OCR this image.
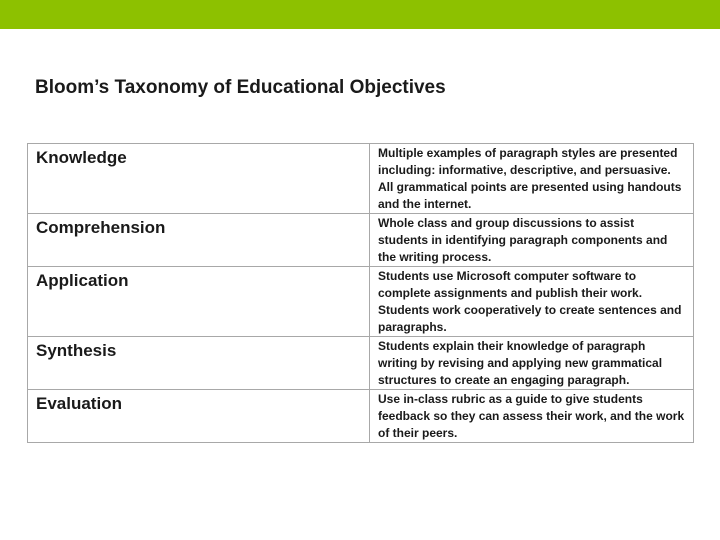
Bloom’s Taxonomy of Educational Objectives
Knowledge	Multiple examples of paragraph styles are presented including: informative, descriptive, and persuasive. All grammatical points are presented using handouts and the internet.
Comprehension	Whole class and group discussions to assist students in identifying paragraph components and the writing process.
Application	Students use Microsoft computer software to complete assignments and publish their work. Students work cooperatively to create sentences and paragraphs.
Synthesis	Students explain their knowledge of paragraph writing by revising and applying new grammatical structures to create an engaging paragraph.
Evaluation	Use in-class rubric as a guide to give students feedback so they can assess their work, and the work of their peers.
